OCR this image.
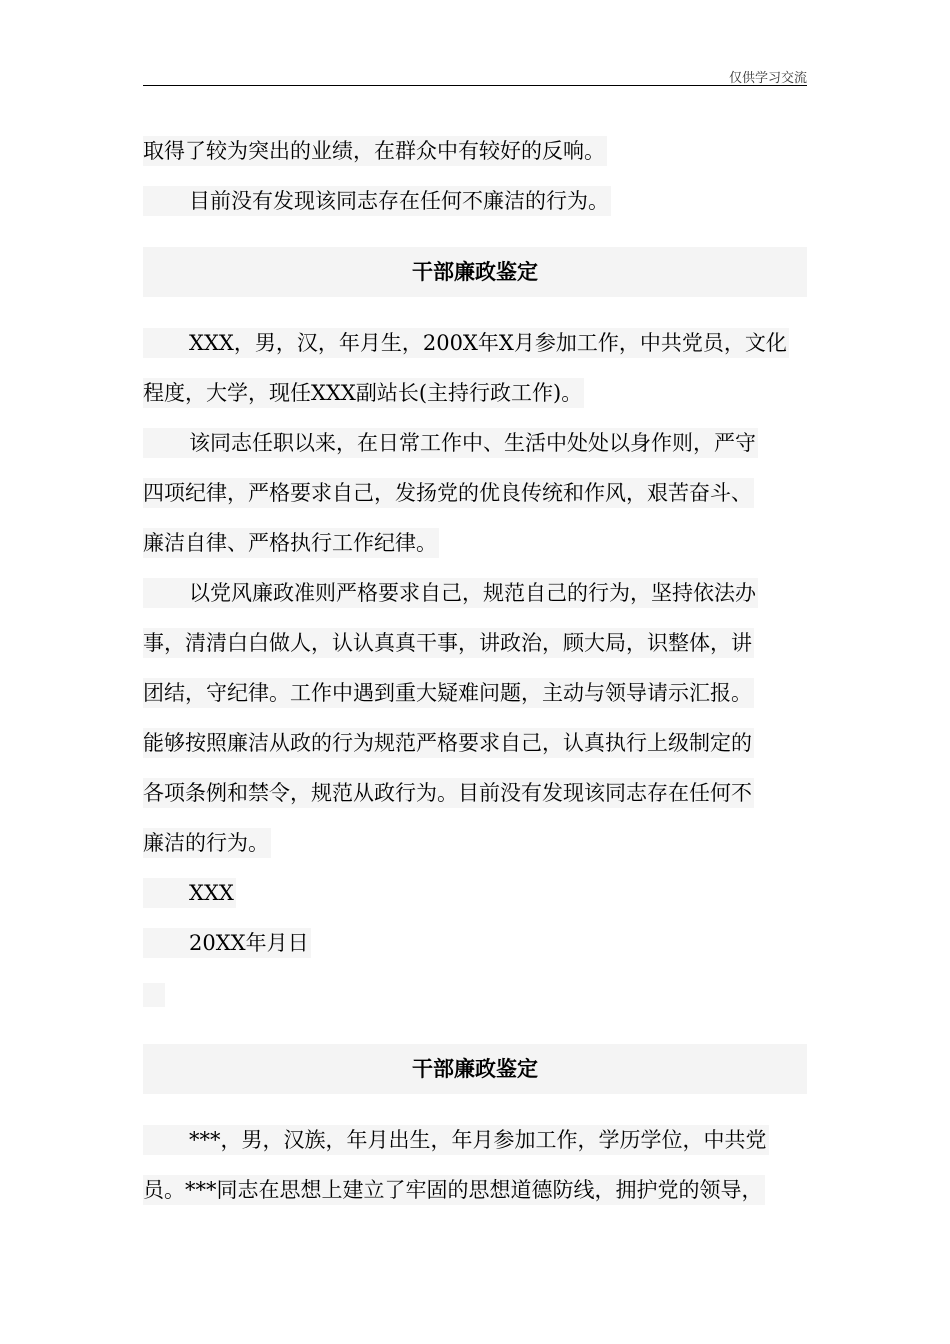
仅供学习交流
取得了较为突出的业绩，在群众中有较好的反响。
目前没有发现该同志存在任何不廉洁的行为。
干部廉政鉴定
XXX，男，汉，年月生，200X年X月参加工作，中共党员，文化
程度，大学，现任XXX副站长(主持行政工作)。
该同志任职以来，在日常工作中、生活中处处以身作则，严守
四项纪律，严格要求自己，发扬党的优良传统和作风，艰苦奋斗、
廉洁自律、严格执行工作纪律。
以党风廉政准则严格要求自己，规范自己的行为，坚持依法办
事，清清白白做人，认认真真干事，讲政治，顾大局，识整体，讲
团结，守纪律。工作中遇到重大疑难问题，主动与领导请示汇报。
能够按照廉洁从政的行为规范严格要求自己，认真执行上级制定的
各项条例和禁令，规范从政行为。目前没有发现该同志存在任何不
廉洁的行为。
XXX
20XX年月日
干部廉政鉴定
***，男，汉族，年月出生，年月参加工作，学历学位，中共党
员。***同志在思想上建立了牢固的思想道德防线，拥护党的领导，
